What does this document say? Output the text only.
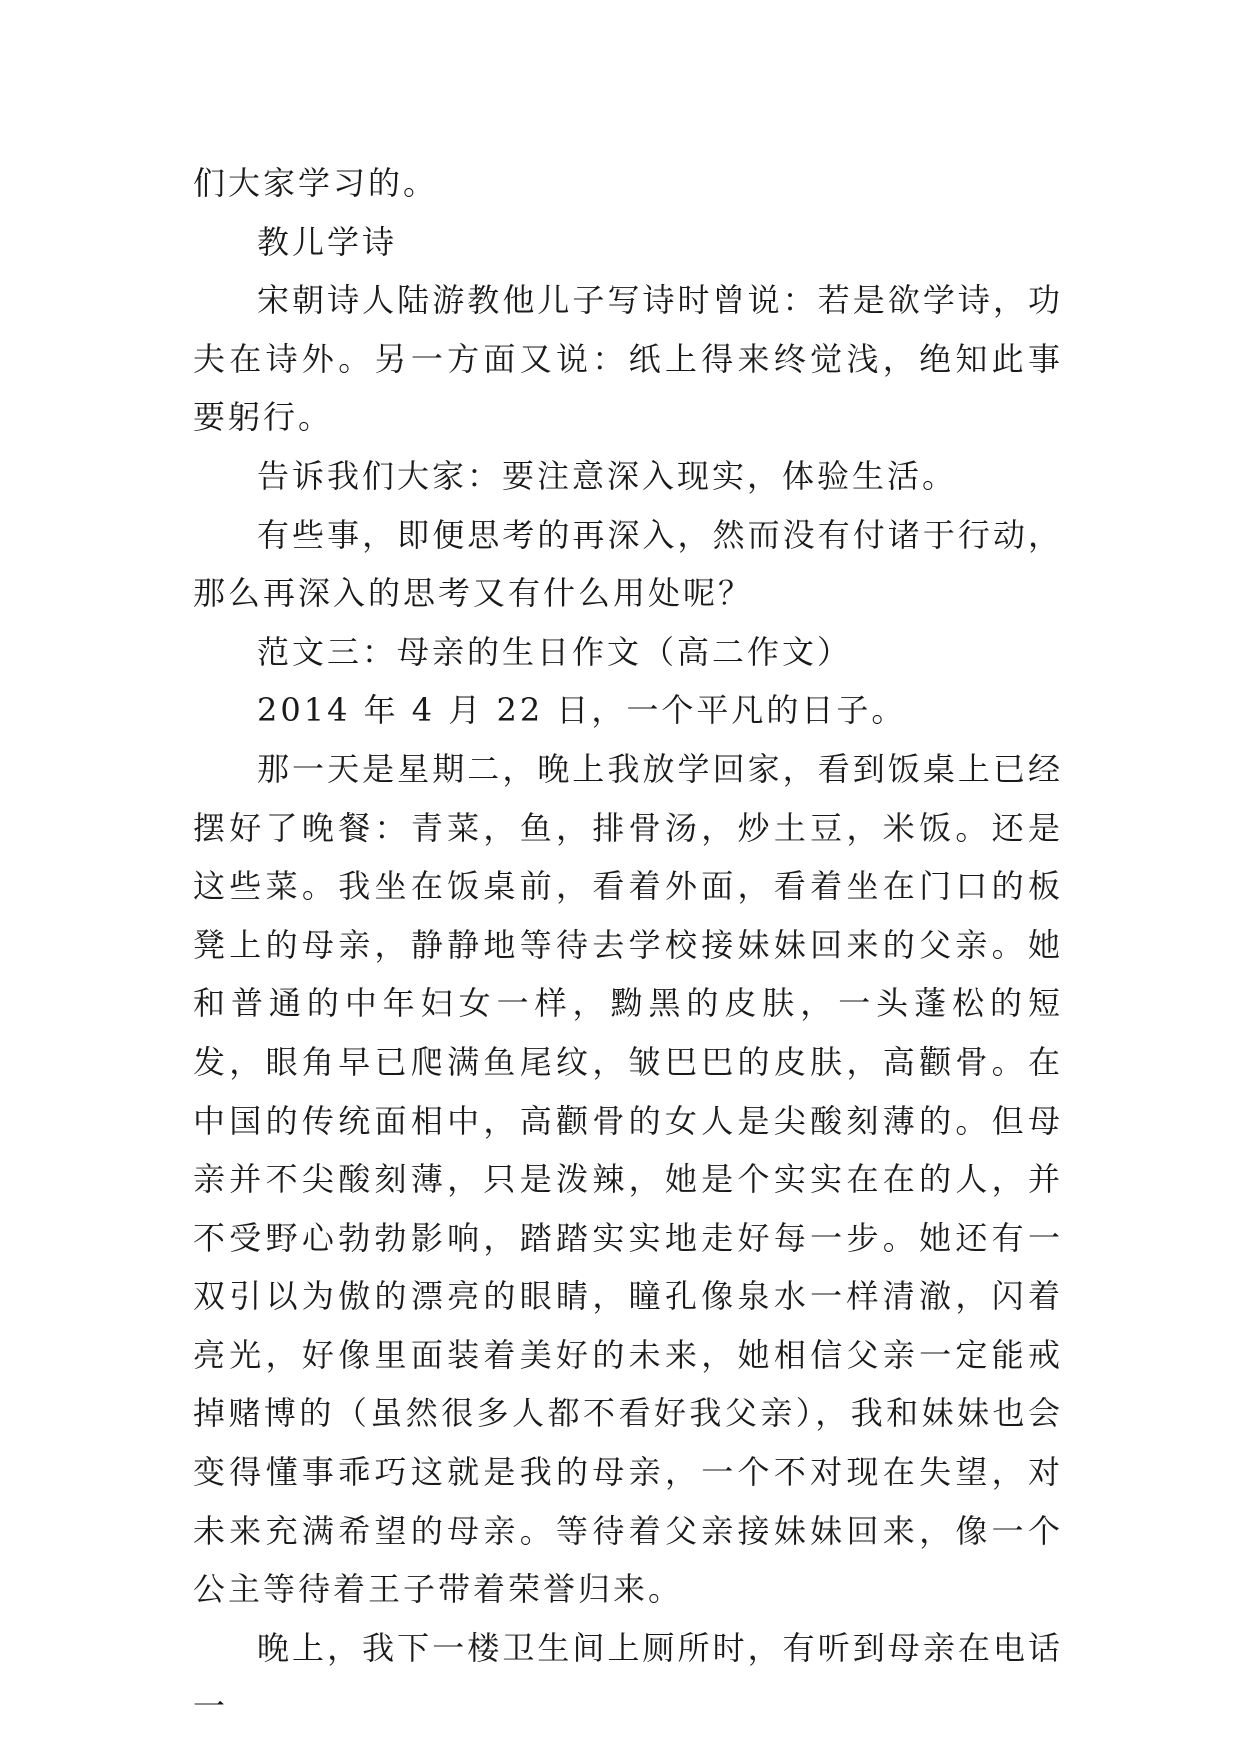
们大家学习的。

教儿学诗

宋朝诗人陆游教他儿子写诗时曾说：若是欲学诗，功夫在诗外。另一方面又说：纸上得来终觉浅，绝知此事要躬行。

告诉我们大家：要注意深入现实，体验生活。

有些事，即便思考的再深入，然而没有付诸于行动，那么再深入的思考又有什么用处呢？

范文三：母亲的生日作文（高二作文）

2014 年 4 月 22 日，一个平凡的日子。

那一天是星期二，晚上我放学回家，看到饭桌上已经摆好了晚餐：青菜，鱼，排骨汤，炒土豆，米饭。还是这些菜。我坐在饭桌前，看着外面，看着坐在门口的板凳上的母亲，静静地等待去学校接妹妹回来的父亲。她和普通的中年妇女一样，黝黑的皮肤，一头蓬松的短发，眼角早已爬满鱼尾纹，皱巴巴的皮肤，高颧骨。在中国的传统面相中，高颧骨的女人是尖酸刻薄的。但母亲并不尖酸刻薄，只是泼辣，她是个实实在在的人，并不受野心勃勃影响，踏踏实实地走好每一步。她还有一双引以为傲的漂亮的眼睛，瞳孔像泉水一样清澈，闪着亮光，好像里面装着美好的未来，她相信父亲一定能戒掉赌博的（虽然很多人都不看好我父亲），我和妹妹也会变得懂事乖巧这就是我的母亲，一个不对现在失望，对未来充满希望的母亲。等待着父亲接妹妹回来，像一个公主等待着王子带着荣誉归来。

晚上，我下一楼卫生间上厕所时，有听到母亲在电话一
